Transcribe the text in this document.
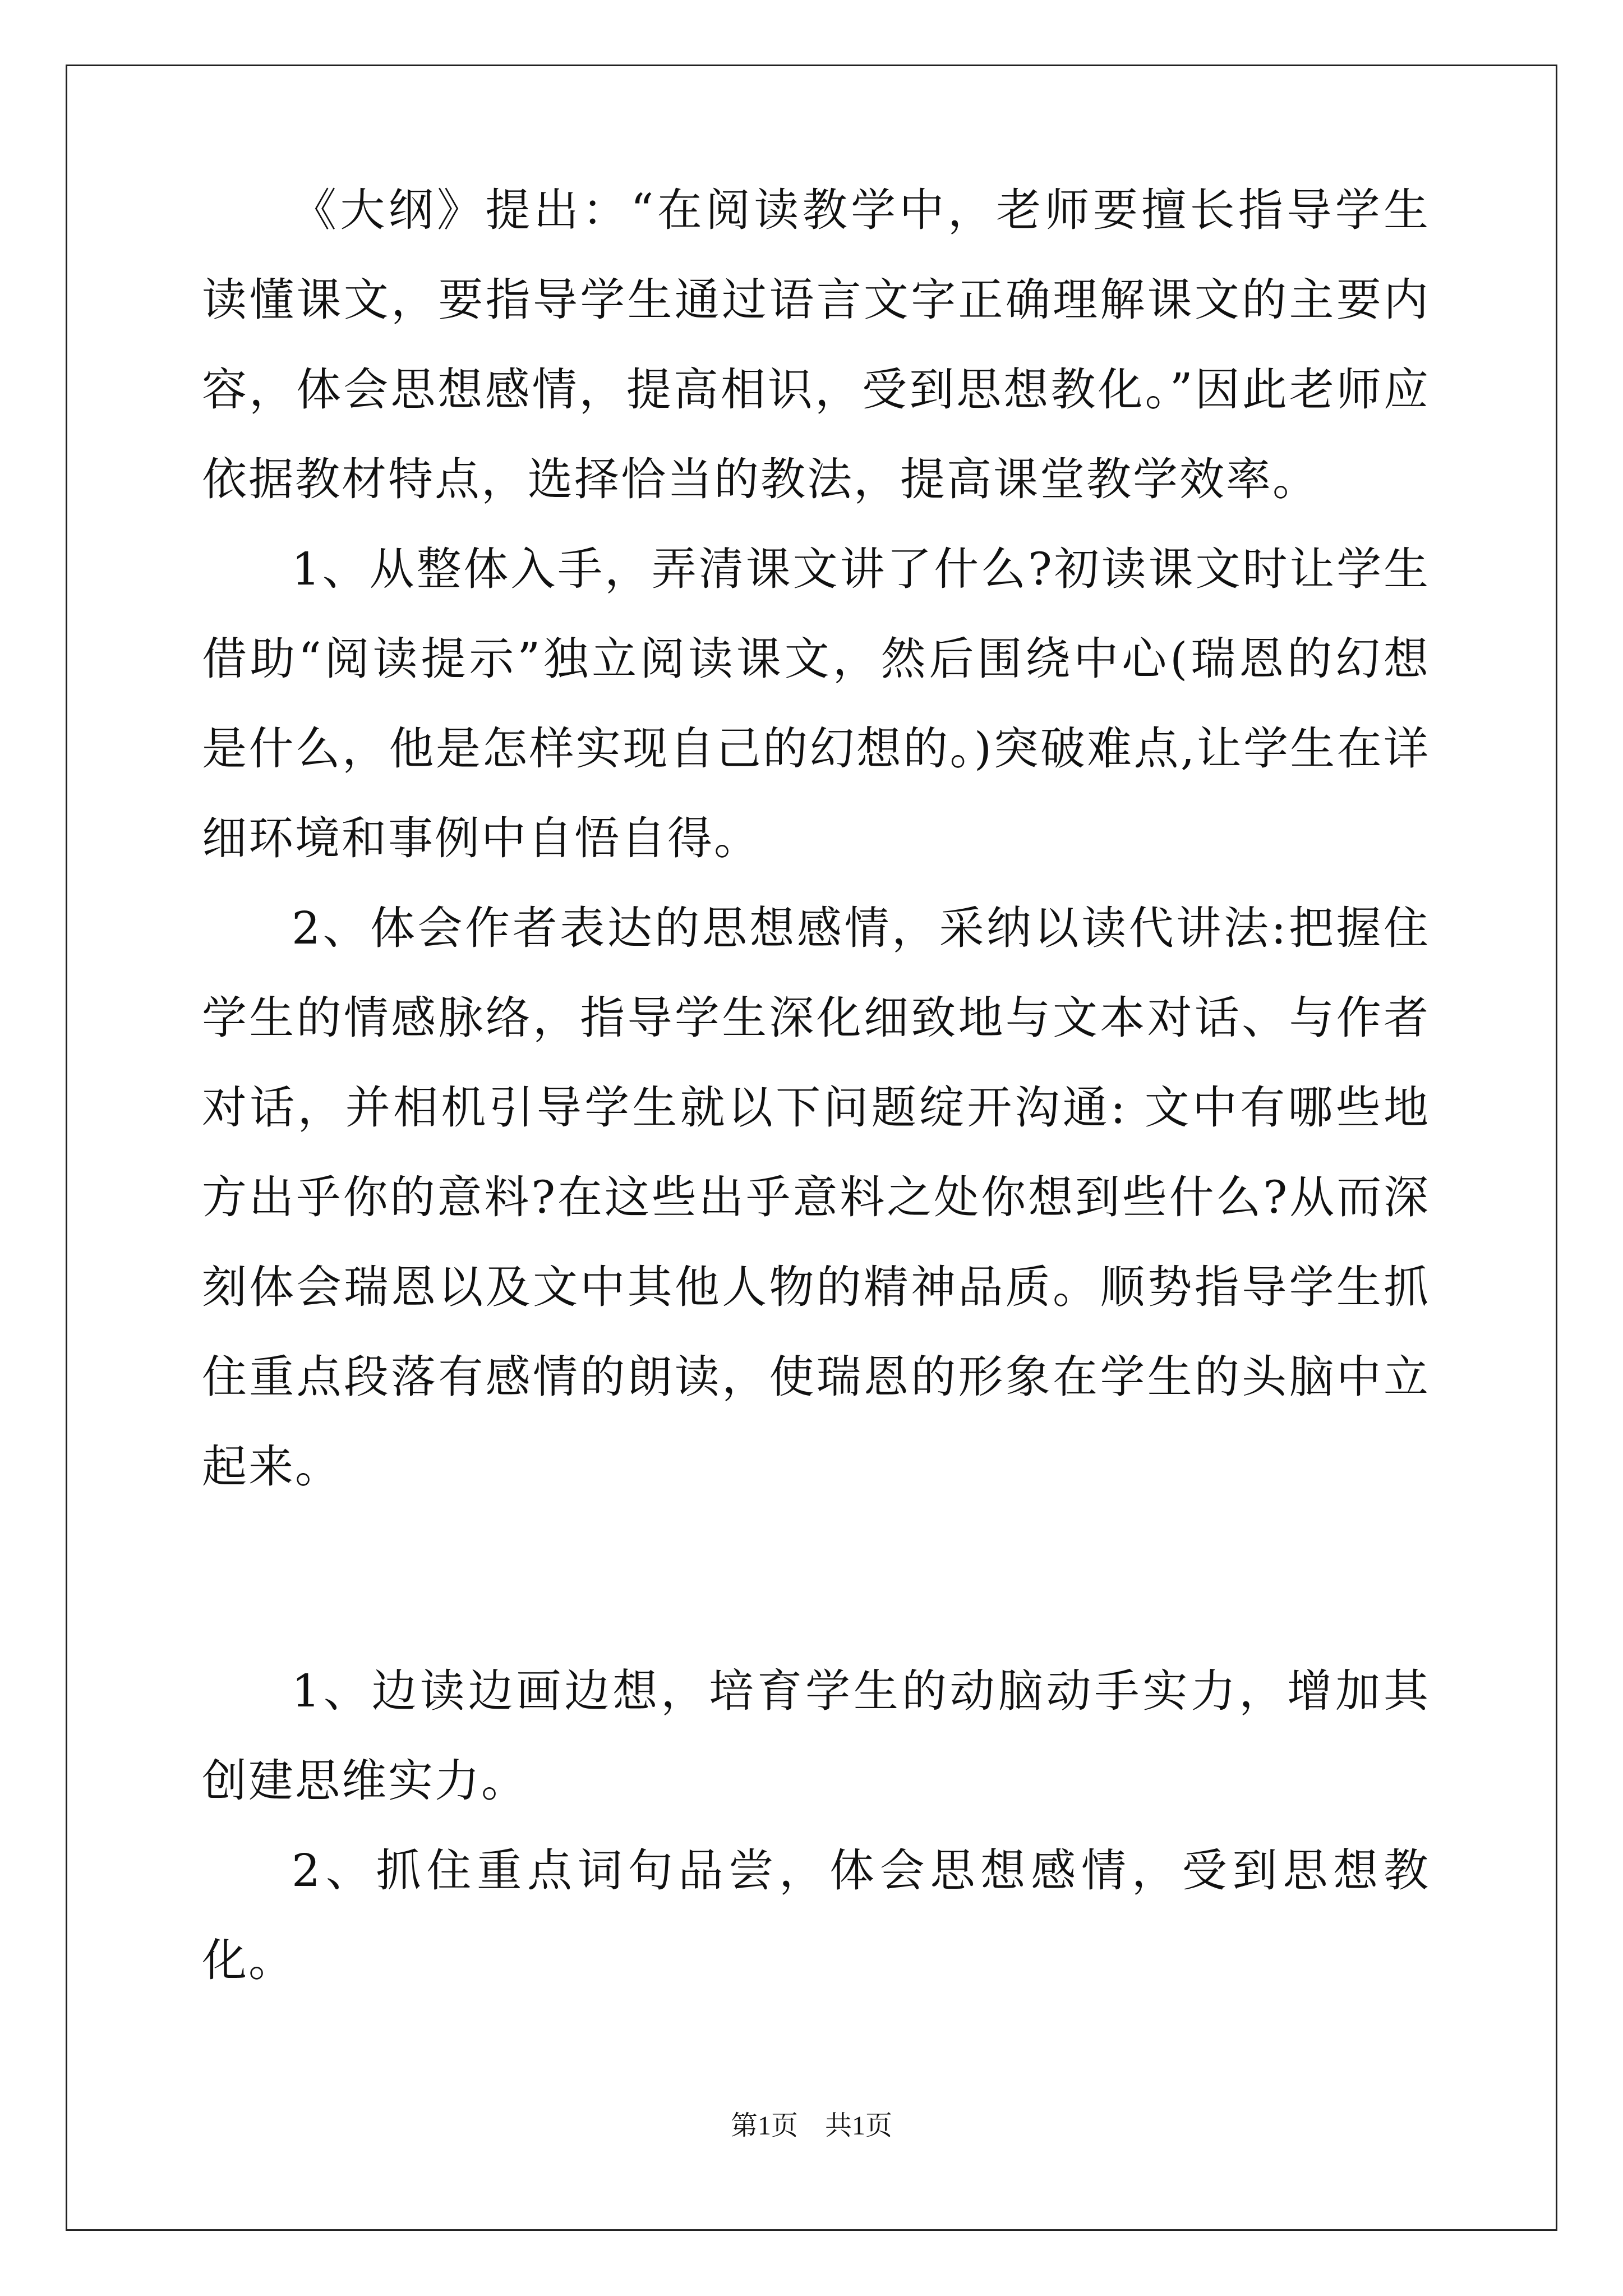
《大纲》提出：“在阅读教学中，老师要擅长指导学生读懂课文，要指导学生通过语言文字正确理解课文的主要内容，体会思想感情，提高相识，受到思想教化。”因此老师应依据教材特点，选择恰当的教法，提高课堂教学效率。

1、从整体入手，弄清课文讲了什么?初读课文时让学生借助“阅读提示”独立阅读课文，然后围绕中心(瑞恩的幻想是什么，他是怎样实现自己的幻想的。)突破难点,让学生在详细环境和事例中自悟自得。

2、体会作者表达的思想感情，采纳以读代讲法:把握住学生的情感脉络，指导学生深化细致地与文本对话、与作者对话，并相机引导学生就以下问题绽开沟通: 文中有哪些地方出乎你的意料?在这些出乎意料之处你想到些什么?从而深刻体会瑞恩以及文中其他人物的精神品质。顺势指导学生抓住重点段落有感情的朗读，使瑞恩的形象在学生的头脑中立起来。

1、边读边画边想，培育学生的动脑动手实力，增加其创建思维实力。

2、抓住重点词句品尝，体会思想感情，受到思想教化。

第1页　共1页
